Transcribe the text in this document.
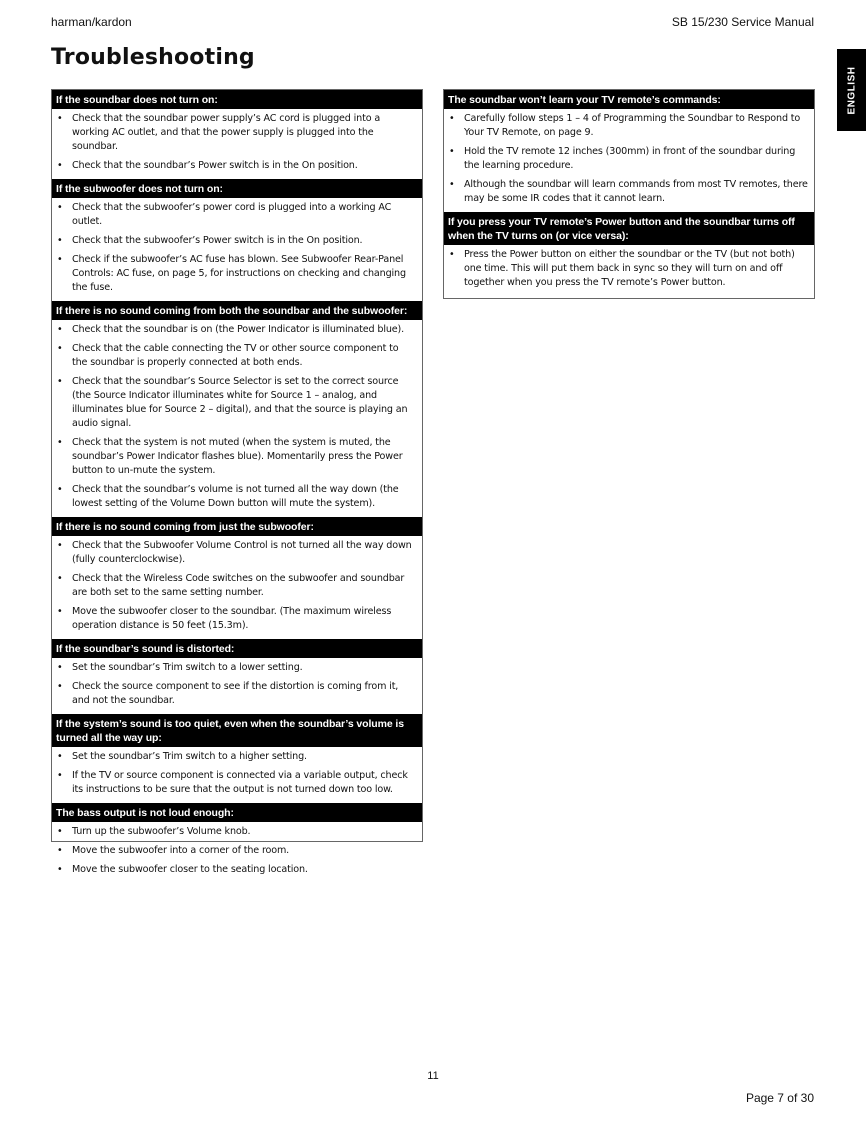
harman/kardon	SB 15/230 Service Manual
Troubleshooting
ENGLISH
If the soundbar does not turn on:
• Check that the soundbar power supply’s AC cord is plugged into a working AC outlet, and that the power supply is plugged into the soundbar.
• Check that the soundbar’s Power switch is in the On position.
If the subwoofer does not turn on:
• Check that the subwoofer’s power cord is plugged into a working AC outlet.
• Check that the subwoofer’s Power switch is in the On position.
• Check if the subwoofer’s AC fuse has blown. See Subwoofer Rear-Panel Controls: AC fuse, on page 5, for instructions on checking and changing the fuse.
If there is no sound coming from both the soundbar and the subwoofer:
• Check that the soundbar is on (the Power Indicator is illuminated blue).
• Check that the cable connecting the TV or other source component to the soundbar is properly connected at both ends.
• Check that the soundbar’s Source Selector is set to the correct source (the Source Indicator illuminates white for Source 1 – analog, and illuminates blue for Source 2 – digital), and that the source is playing an audio signal.
• Check that the system is not muted (when the system is muted, the soundbar’s Power Indicator flashes blue). Momentarily press the Power button to un-mute the system.
• Check that the soundbar’s volume is not turned all the way down (the lowest setting of the Volume Down button will mute the system).
If there is no sound coming from just the subwoofer:
• Check that the Subwoofer Volume Control is not turned all the way down (fully counterclockwise).
• Check that the Wireless Code switches on the subwoofer and soundbar are both set to the same setting number.
• Move the subwoofer closer to the soundbar. (The maximum wireless operation distance is 50 feet (15.3m).
If the soundbar’s sound is distorted:
• Set the soundbar’s Trim switch to a lower setting.
• Check the source component to see if the distortion is coming from it, and not the soundbar.
If the system’s sound is too quiet, even when the soundbar’s volume is turned all the way up:
• Set the soundbar’s Trim switch to a higher setting.
• If the TV or source component is connected via a variable output, check its instructions to be sure that the output is not turned down too low.
The bass output is not loud enough:
• Turn up the subwoofer’s Volume knob.
• Move the subwoofer into a corner of the room.
• Move the subwoofer closer to the seating location.
The soundbar won’t learn your TV remote’s commands:
• Carefully follow steps 1 – 4 of Programming the Soundbar to Respond to Your TV Remote, on page 9.
• Hold the TV remote 12 inches (300mm) in front of the soundbar during the learning procedure.
• Although the soundbar will learn commands from most TV remotes, there may be some IR codes that it cannot learn.
If you press your TV remote’s Power button and the soundbar turns off when the TV turns on (or vice versa):
• Press the Power button on either the soundbar or the TV (but not both) one time. This will put them back in sync so they will turn on and off together when you press the TV remote’s Power button.
11
Page 7 of 30
